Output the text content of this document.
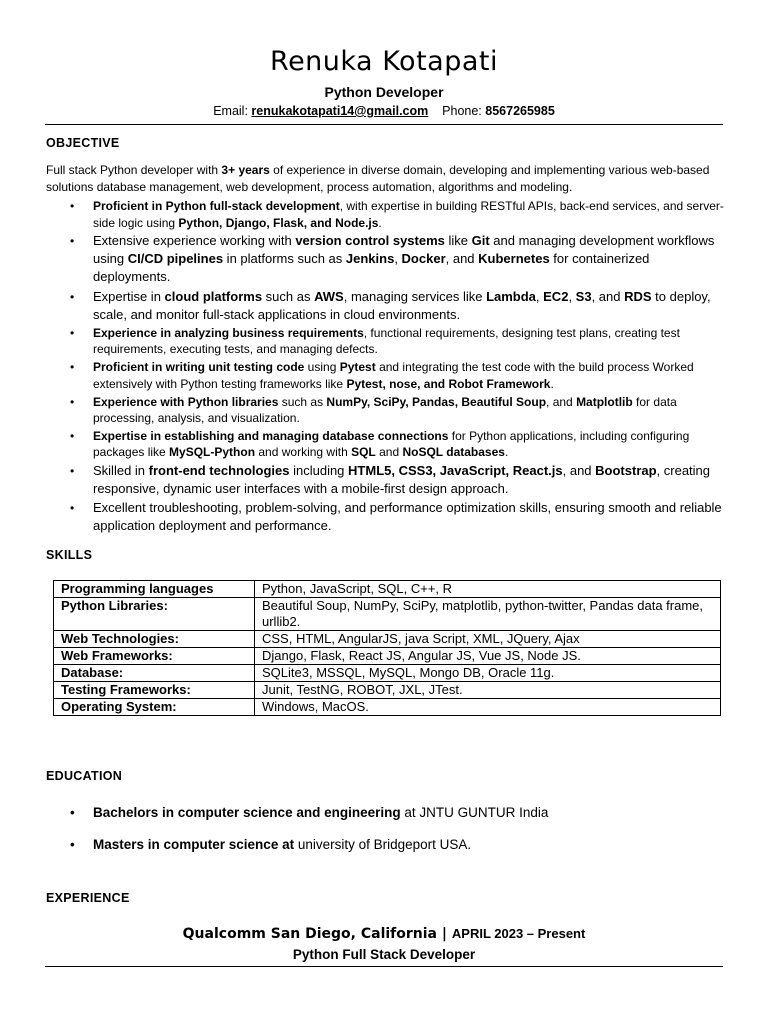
Renuka Kotapati
Python Developer
Email: renukakotapati14@gmail.com Phone: 8567265985
OBJECTIVE
Full stack Python developer with 3+ years of experience in diverse domain, developing and implementing various web-based solutions database management, web development, process automation, algorithms and modeling.
• Proficient in Python full-stack development, with expertise in building RESTful APIs, back-end services, and server-side logic using Python, Django, Flask, and Node.js.
• Extensive experience working with version control systems like Git and managing development workflows using CI/CD pipelines in platforms such as Jenkins, Docker, and Kubernetes for containerized deployments.
• Expertise in cloud platforms such as AWS, managing services like Lambda, EC2, S3, and RDS to deploy, scale, and monitor full-stack applications in cloud environments.
• Experience in analyzing business requirements, functional requirements, designing test plans, creating test requirements, executing tests, and managing defects.
• Proficient in writing unit testing code using Pytest and integrating the test code with the build process Worked extensively with Python testing frameworks like Pytest, nose, and Robot Framework.
• Experience with Python libraries such as NumPy, SciPy, Pandas, Beautiful Soup, and Matplotlib for data processing, analysis, and visualization.
• Expertise in establishing and managing database connections for Python applications, including configuring packages like MySQL-Python and working with SQL and NoSQL databases.
• Skilled in front-end technologies including HTML5, CSS3, JavaScript, React.js, and Bootstrap, creating responsive, dynamic user interfaces with a mobile-first design approach.
• Excellent troubleshooting, problem-solving, and performance optimization skills, ensuring smooth and reliable application deployment and performance.
SKILLS
Programming languages	Python, JavaScript, SQL, C++, R
Python Libraries:	Beautiful Soup, NumPy, SciPy, matplotlib, python-twitter, Pandas data frame, urllib2.
Web Technologies:	CSS, HTML, AngularJS, java Script, XML, JQuery, Ajax
Web Frameworks:	Django, Flask, React JS, Angular JS, Vue JS, Node JS.
Database:	SQLite3, MSSQL, MySQL, Mongo DB, Oracle 11g.
Testing Frameworks:	Junit, TestNG, ROBOT, JXL, JTest.
Operating System:	Windows, MacOS.
EDUCATION
• Bachelors in computer science and engineering at JNTU GUNTUR India
• Masters in computer science at university of Bridgeport USA.
EXPERIENCE
Qualcomm San Diego, California | APRIL 2023 – Present
Python Full Stack Developer
